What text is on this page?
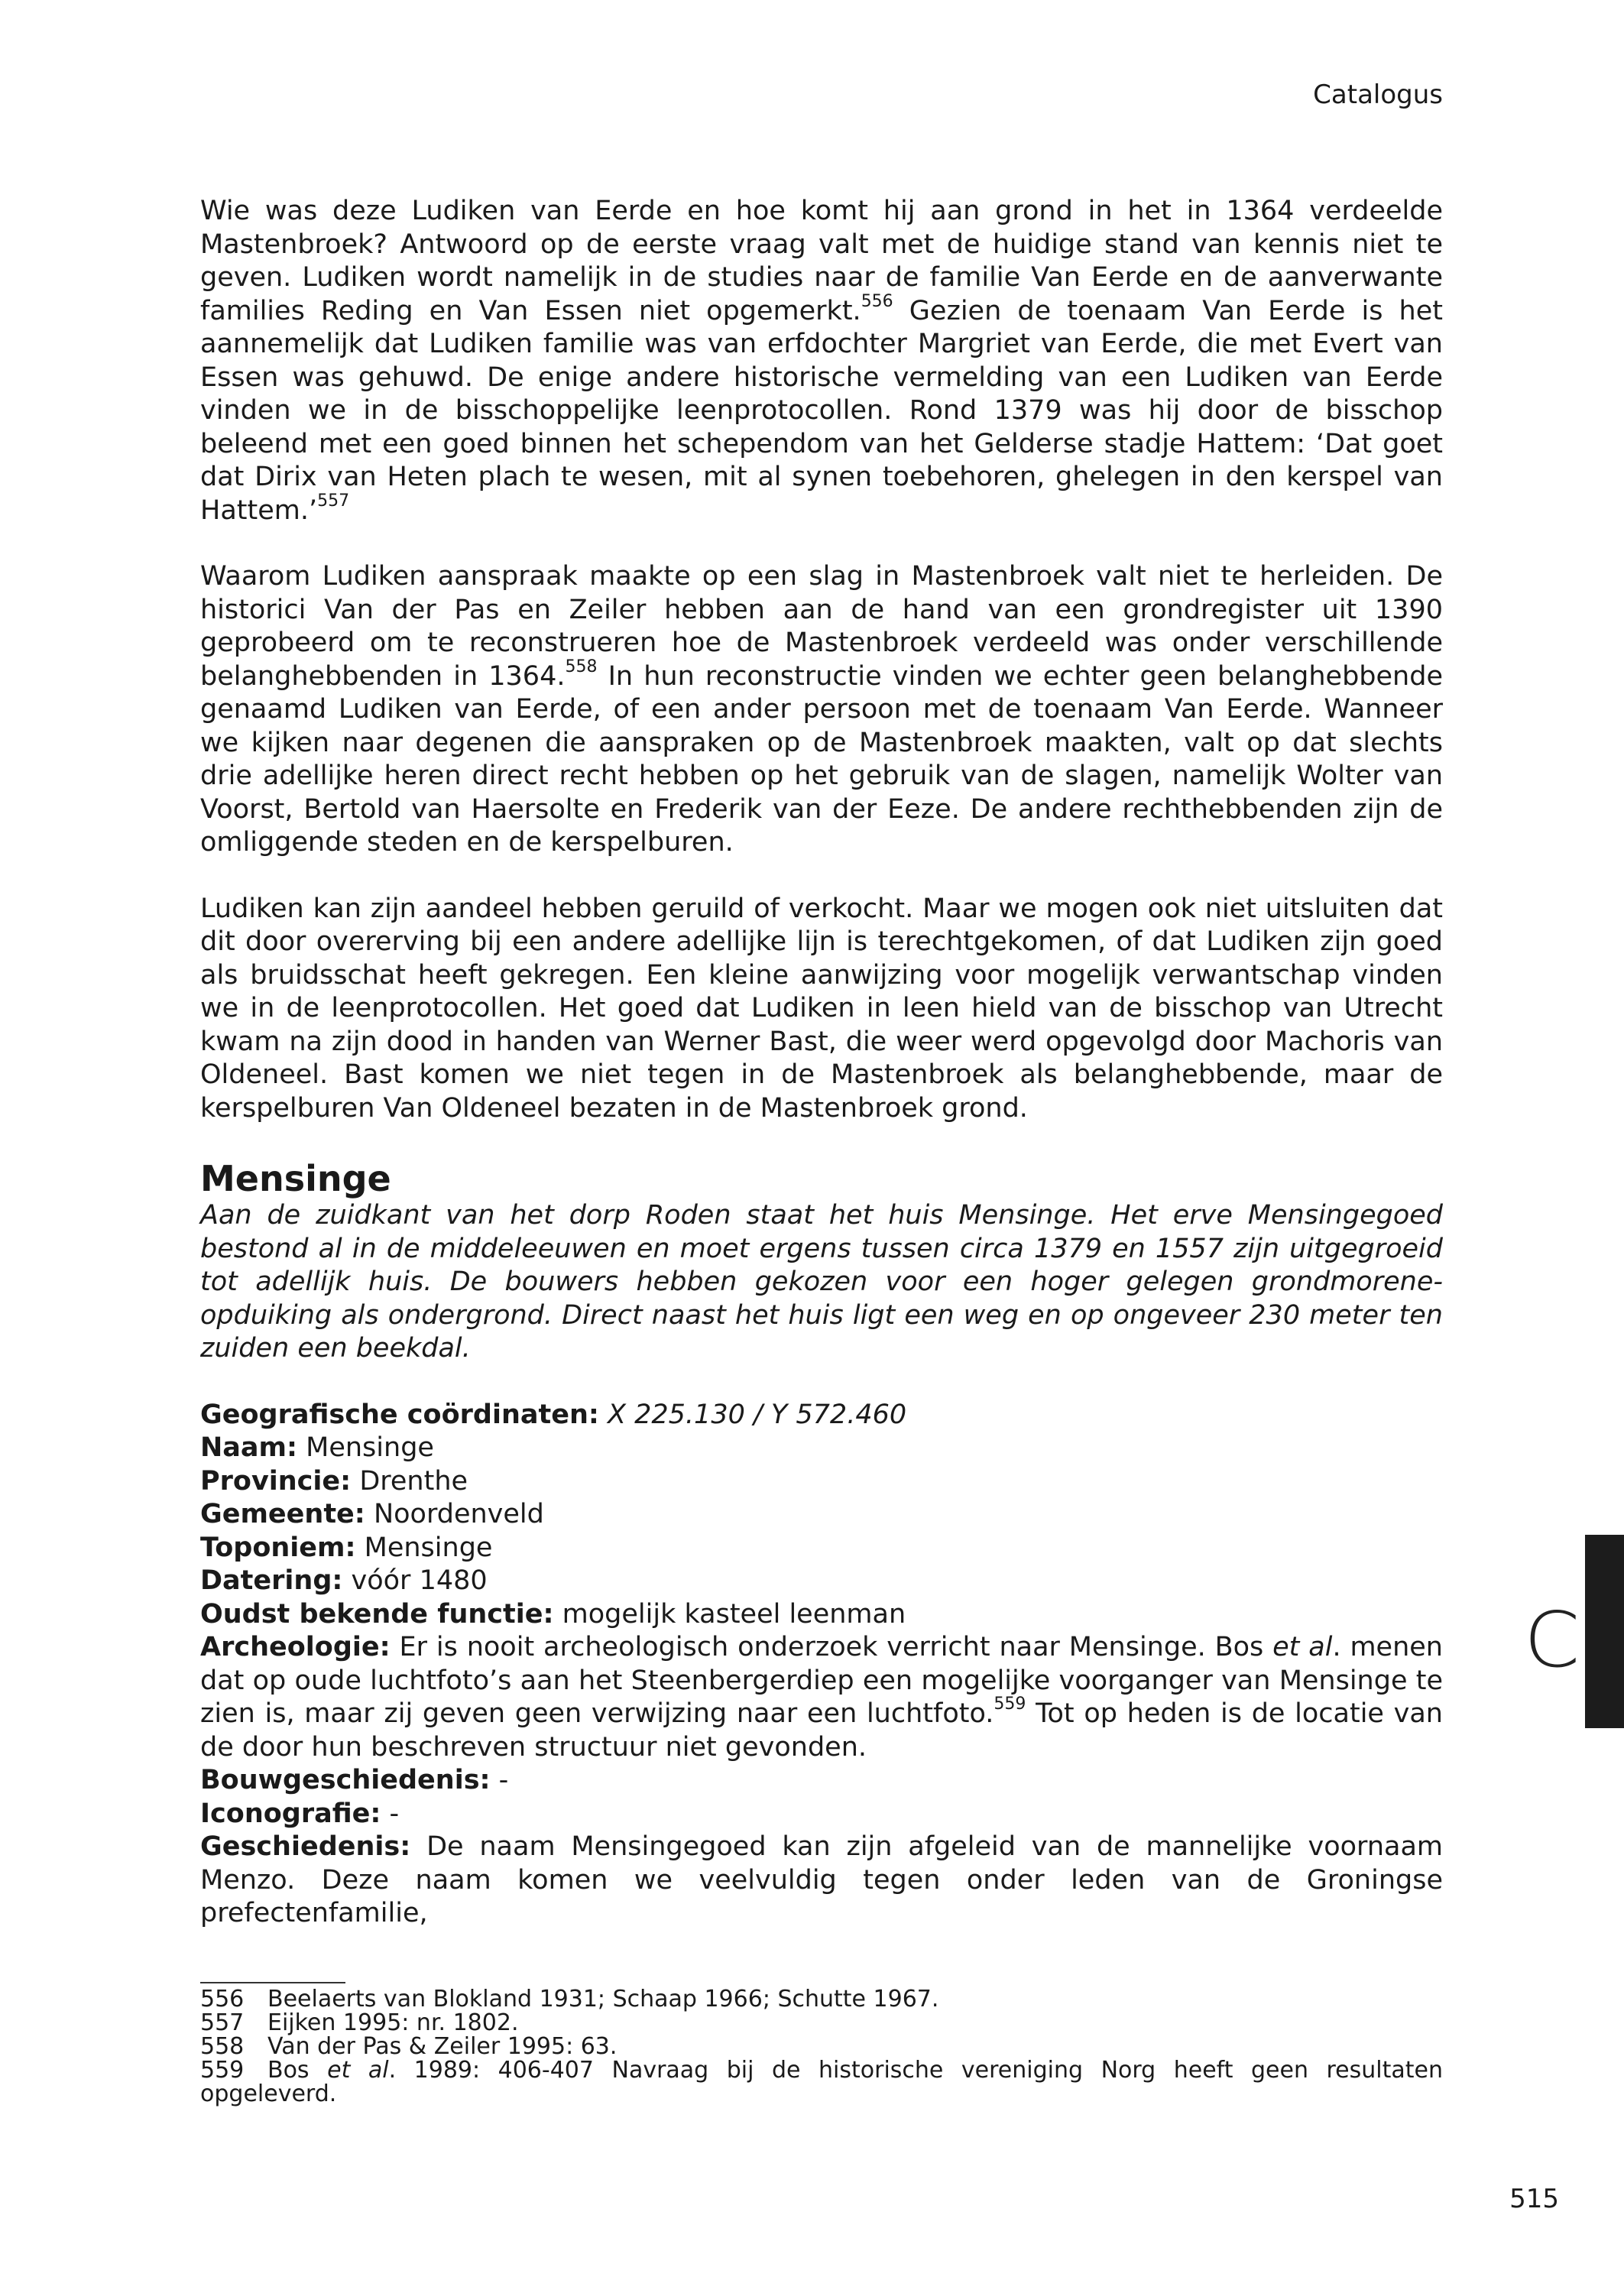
Catalogus

Wie was deze Ludiken van Eerde en hoe komt hij aan grond in het in 1364 verdeelde Mastenbroek? Antwoord op de eerste vraag valt met de huidige stand van kennis niet te geven. Ludiken wordt namelijk in de studies naar de familie Van Eerde en de aanverwante families Reding en Van Essen niet opgemerkt.$^{556}$ Gezien de toenaam Van Eerde is het aannemelijk dat Ludiken familie was van erfdochter Margriet van Eerde, die met Evert van Essen was gehuwd. De enige andere historische vermelding van een Ludiken van Eerde vinden we in de bisschoppelijke leenprotocollen. Rond 1379 was hij door de bisschop beleend met een goed binnen het schependom van het Gelderse stadje Hattem: ‘Dat goet dat Dirix van Heten plach te wesen, mit al synen toebehoren, ghelegen in den kerspel van Hattem.’$^{557}$

Waarom Ludiken aanspraak maakte op een slag in Mastenbroek valt niet te herleiden. De historici Van der Pas en Zeiler hebben aan de hand van een grondregister uit 1390 geprobeerd om te reconstrueren hoe de Mastenbroek verdeeld was onder verschillende belanghebbenden in 1364.$^{558}$ In hun reconstructie vinden we echter geen belanghebbende genaamd Ludiken van Eerde, of een ander persoon met de toenaam Van Eerde. Wanneer we kijken naar degenen die aanspraken op de Mastenbroek maakten, valt op dat slechts drie adellijke heren direct recht hebben op het gebruik van de slagen, namelijk Wolter van Voorst, Bertold van Haersolte en Frederik van der Eeze. De andere rechthebbenden zijn de omliggende steden en de kerspelburen.

Ludiken kan zijn aandeel hebben geruild of verkocht. Maar we mogen ook niet uitsluiten dat dit door overerving bij een andere adellijke lijn is terechtgekomen, of dat Ludiken zijn goed als bruidsschat heeft gekregen. Een kleine aanwijzing voor mogelijk verwantschap vinden we in de leenprotocollen. Het goed dat Ludiken in leen hield van de bisschop van Utrecht kwam na zijn dood in handen van Werner Bast, die weer werd opgevolgd door Machoris van Oldeneel. Bast komen we niet tegen in de Mastenbroek als belanghebbende, maar de kerspelburen Van Oldeneel bezaten in de Mastenbroek grond.

Mensinge

Aan de zuidkant van het dorp Roden staat het huis Mensinge. Het erve Mensingegoed bestond al in de middeleeuwen en moet ergens tussen circa 1379 en 1557 zijn uitgegroeid tot adellijk huis. De bouwers hebben gekozen voor een hoger gelegen grondmorene-opduiking als ondergrond. Direct naast het huis ligt een weg en op ongeveer 230 meter ten zuiden een beekdal.

Geografische coördinaten: X 225.130 / Y 572.460

Naam: Mensinge

Provincie: Drenthe

Gemeente: Noordenveld

Toponiem: Mensinge

Datering: vóór 1480

Oudst bekende functie: mogelijk kasteel leenman

Archeologie: Er is nooit archeologisch onderzoek verricht naar Mensinge. Bos et al. menen dat op oude luchtfoto’s aan het Steenbergerdiep een mogelijke voorganger van Mensinge te zien is, maar zij geven geen verwijzing naar een luchtfoto.$^{559}$ Tot op heden is de locatie van de door hun beschreven structuur niet gevonden.

Bouwgeschiedenis: -

Iconografie: -

Geschiedenis: De naam Mensingegoed kan zijn afgeleid van de mannelijke voornaam Menzo. Deze naam komen we veelvuldig tegen onder leden van de Groningse prefectenfamilie,

556 Beelaerts van Blokland 1931; Schaap 1966; Schutte 1967.

557 Eijken 1995: nr. 1802.

558 Van der Pas & Zeiler 1995: 63.

559 Bos et al. 1989: 406-407 Navraag bij de historische vereniging Norg heeft geen resultaten opgeleverd.

C

515
